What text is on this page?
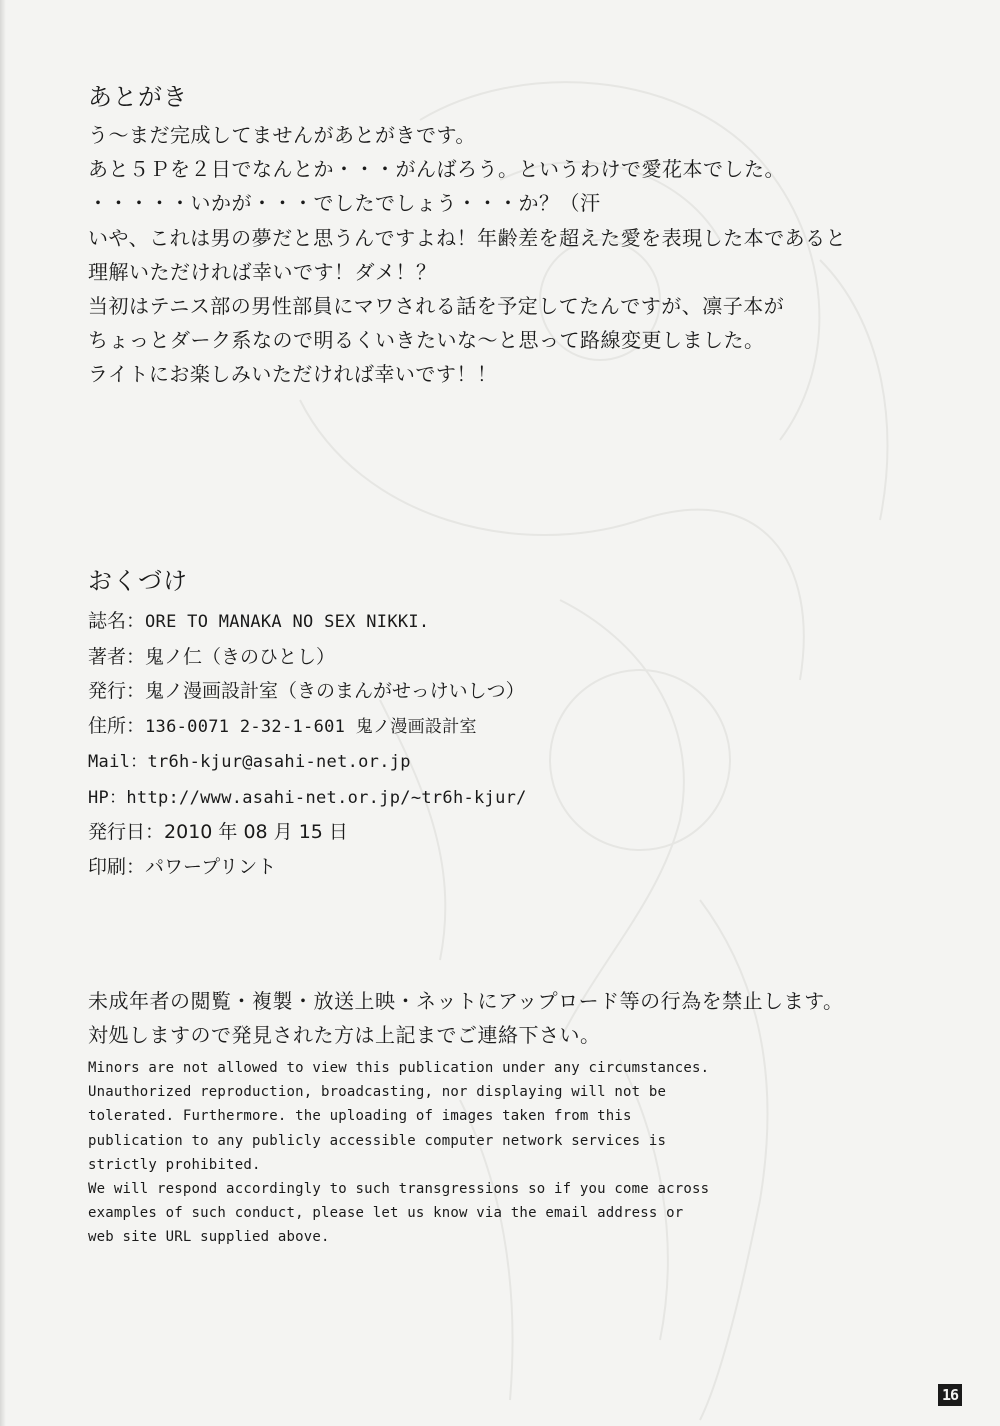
あとがき

う～まだ完成してませんがあとがきです。

あと５Ｐを２日でなんとか・・・がんばろう。というわけで愛花本でした。

・・・・・いかが・・・でしたでしょう・・・か？（汗

いや、これは男の夢だと思うんですよね！年齢差を超えた愛を表現した本であると

理解いただければ幸いです！ダメ！？

当初はテニス部の男性部員にマワされる話を予定してたんですが、凛子本が

ちょっとダーク系なので明るくいきたいな～と思って路線変更しました。

ライトにお楽しみいただければ幸いです！！

おくづけ

誌名：ORE TO MANAKA NO SEX NIKKI.

著者：鬼ノ仁（きのひとし）

発行：鬼ノ漫画設計室（きのまんがせっけいしつ）

住所：136-0071 2-32-1-601 鬼ノ漫画設計室

Mail：tr6h-kjur@asahi-net.or.jp

HP：http://www.asahi-net.or.jp/~tr6h-kjur/

発行日：2010 年 08 月 15 日

印刷：パワープリント

未成年者の閲覧・複製・放送上映・ネットにアップロード等の行為を禁止します。

対処しますので発見された方は上記までご連絡下さい。

Minors are not allowed to view this publication under any circumstances.

Unauthorized reproduction, broadcasting, nor displaying will not be

tolerated. Furthermore. the uploading of images taken from this

publication to any publicly accessible computer network services is

strictly prohibited.

We will respond accordingly to such transgressions so if you come across

examples of such conduct, please let us know via the email address or

web site URL supplied above.

16
